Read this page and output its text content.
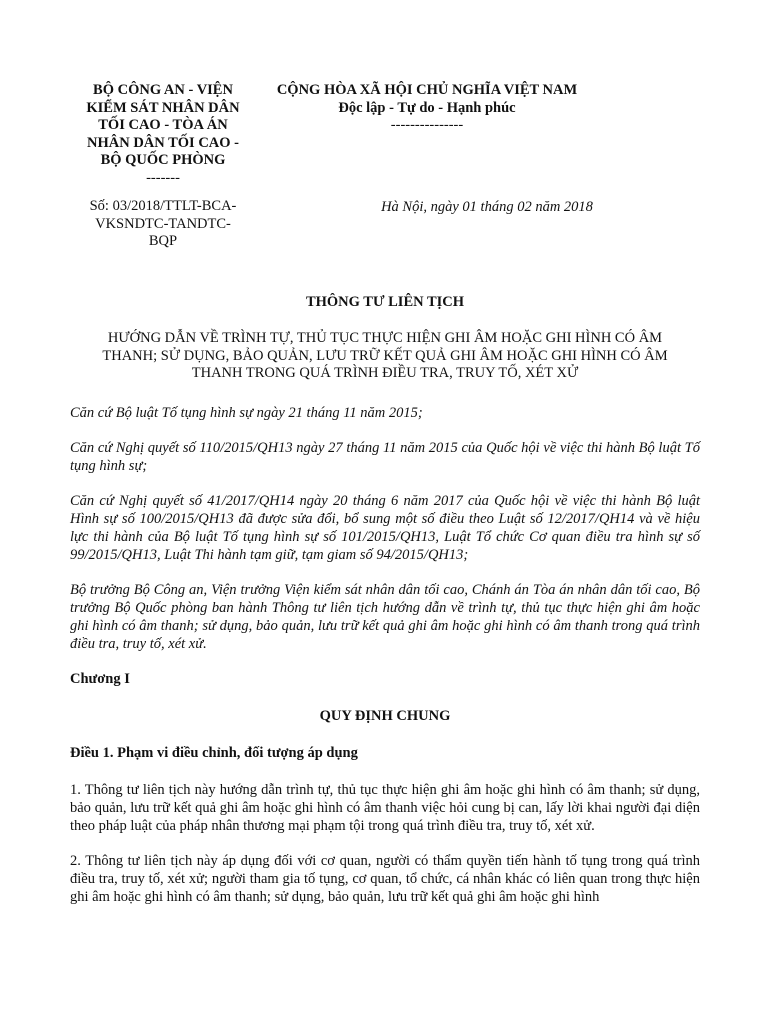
BỘ CÔNG AN - VIỆN
KIỂM SÁT NHÂN DÂN
TỐI CAO - TÒA ÁN
NHÂN DÂN TỐI CAO -
BỘ QUỐC PHÒNG
-------
CỘNG HÒA XÃ HỘI CHỦ NGHĨA VIỆT NAM
Độc lập - Tự do - Hạnh phúc
---------------
Số: 03/2018/TTLT-BCA-
VKSNDTC-TANDTC-
BQP
Hà Nội, ngày 01 tháng 02 năm 2018
THÔNG TƯ LIÊN TỊCH
HƯỚNG DẪN VỀ TRÌNH TỰ, THỦ TỤC THỰC HIỆN GHI ÂM HOẶC GHI HÌNH CÓ ÂM
THANH; SỬ DỤNG, BẢO QUẢN, LƯU TRỮ KẾT QUẢ GHI ÂM HOẶC GHI HÌNH CÓ ÂM
THANH TRONG QUÁ TRÌNH ĐIỀU TRA, TRUY TỐ, XÉT XỬ

Căn cứ Bộ luật Tố tụng hình sự ngày 21 tháng 11 năm 2015;

Căn cứ Nghị quyết số 110/2015/QH13 ngày 27 tháng 11 năm 2015 của Quốc hội về việc thi hành Bộ luật Tố tụng hình sự;

Căn cứ Nghị quyết số 41/2017/QH14 ngày 20 tháng 6 năm 2017 của Quốc hội về việc thi hành Bộ luật Hình sự số 100/2015/QH13 đã được sửa đổi, bổ sung một số điều theo Luật số 12/2017/QH14 và về hiệu lực thi hành của Bộ luật Tố tụng hình sự số 101/2015/QH13, Luật Tổ chức Cơ quan điều tra hình sự số 99/2015/QH13, Luật Thi hành tạm giữ, tạm giam số 94/2015/QH13;

Bộ trưởng Bộ Công an, Viện trưởng Viện kiểm sát nhân dân tối cao, Chánh án Tòa án nhân dân tối cao, Bộ trưởng Bộ Quốc phòng ban hành Thông tư liên tịch hướng dẫn về trình tự, thủ tục thực hiện ghi âm hoặc ghi hình có âm thanh; sử dụng, bảo quản, lưu trữ kết quả ghi âm hoặc ghi hình có âm thanh trong quá trình điều tra, truy tố, xét xử.

Chương I
QUY ĐỊNH CHUNG
Điều 1. Phạm vi điều chỉnh, đối tượng áp dụng

1. Thông tư liên tịch này hướng dẫn trình tự, thủ tục thực hiện ghi âm hoặc ghi hình có âm thanh; sử dụng, bảo quản, lưu trữ kết quả ghi âm hoặc ghi hình có âm thanh việc hỏi cung bị can, lấy lời khai người đại diện theo pháp luật của pháp nhân thương mại phạm tội trong quá trình điều tra, truy tố, xét xử.

2. Thông tư liên tịch này áp dụng đối với cơ quan, người có thẩm quyền tiến hành tố tụng trong quá trình điều tra, truy tố, xét xử; người tham gia tố tụng, cơ quan, tổ chức, cá nhân khác có liên quan trong thực hiện ghi âm hoặc ghi hình có âm thanh; sử dụng, bảo quản, lưu trữ kết quả ghi âm hoặc ghi hình
